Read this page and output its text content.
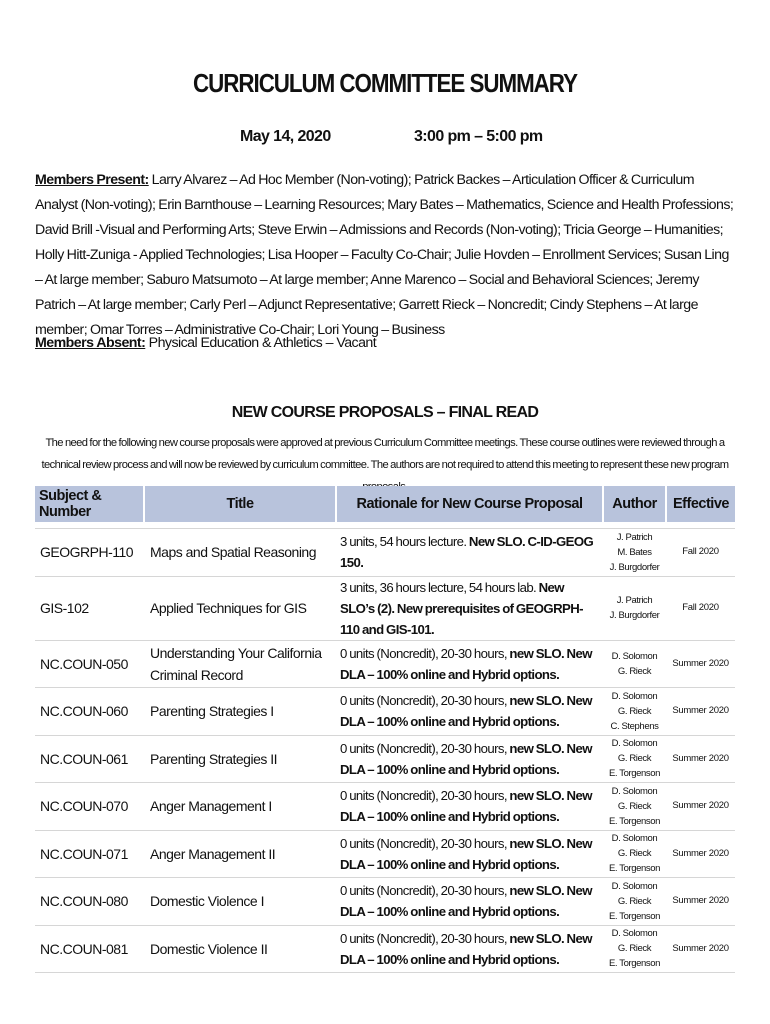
CURRICULUM COMMITTEE SUMMARY
May 14, 2020	3:00 pm – 5:00 pm
Members Present: Larry Alvarez – Ad Hoc Member (Non-voting); Patrick Backes – Articulation Officer & Curriculum Analyst (Non-voting); Erin Barnthouse – Learning Resources; Mary Bates – Mathematics, Science and Health Professions; David Brill -Visual and Performing Arts; Steve Erwin – Admissions and Records (Non-voting); Tricia George – Humanities; Holly Hitt-Zuniga - Applied Technologies; Lisa Hooper – Faculty Co-Chair; Julie Hovden – Enrollment Services; Susan Ling – At large member; Saburo Matsumoto – At large member; Anne Marenco – Social and Behavioral Sciences; Jeremy Patrich – At large member; Carly Perl – Adjunct Representative; Garrett Rieck – Noncredit; Cindy Stephens – At large member; Omar Torres – Administrative Co-Chair; Lori Young – Business
Members Absent: Physical Education & Athletics – Vacant
NEW COURSE PROPOSALS – FINAL READ
The need for the following new course proposals were approved at previous Curriculum Committee meetings. These course outlines were reviewed through a technical review process and will now be reviewed by curriculum committee. The authors are not required to attend this meeting to represent these new program
Subject & Number	Title	Rationale for New Course Proposal	Author	Effective

GEOGRPH-110	Maps and Spatial Reasoning	3 units, 54 hours lecture. New SLO. C-ID-GEOG 150.	J. Patrich
M. Bates
J. Burgdorfer	Fall 2020
GIS-102	Applied Techniques for GIS	3 units, 36 hours lecture, 54 hours lab. New SLO’s (2). New prerequisites of GEOGRPH-110 and GIS-101.	J. Patrich
J. Burgdorfer	Fall 2020
NC.COUN-050	Understanding Your California Criminal Record	0 units (Noncredit), 20-30 hours, new SLO. New DLA – 100% online and Hybrid options.	D. Solomon
G. Rieck	Summer 2020
NC.COUN-060	Parenting Strategies I	0 units (Noncredit), 20-30 hours, new SLO. New DLA – 100% online and Hybrid options.	D. Solomon
G. Rieck
C. Stephens	Summer 2020
NC.COUN-061	Parenting Strategies II	0 units (Noncredit), 20-30 hours, new SLO. New DLA – 100% online and Hybrid options.	D. Solomon
G. Rieck
E. Torgenson	Summer 2020
NC.COUN-070	Anger Management I	0 units (Noncredit), 20-30 hours, new SLO. New DLA – 100% online and Hybrid options.	D. Solomon
G. Rieck
E. Torgenson	Summer 2020
NC.COUN-071	Anger Management II	0 units (Noncredit), 20-30 hours, new SLO. New DLA – 100% online and Hybrid options.	D. Solomon
G. Rieck
E. Torgenson	Summer 2020
NC.COUN-080	Domestic Violence I	0 units (Noncredit), 20-30 hours, new SLO. New DLA – 100% online and Hybrid options.	D. Solomon
G. Rieck
E. Torgenson	Summer 2020
NC.COUN-081	Domestic Violence II	0 units (Noncredit), 20-30 hours, new SLO. New DLA – 100% online and Hybrid options.	D. Solomon
G. Rieck
E. Torgenson	Summer 2020
